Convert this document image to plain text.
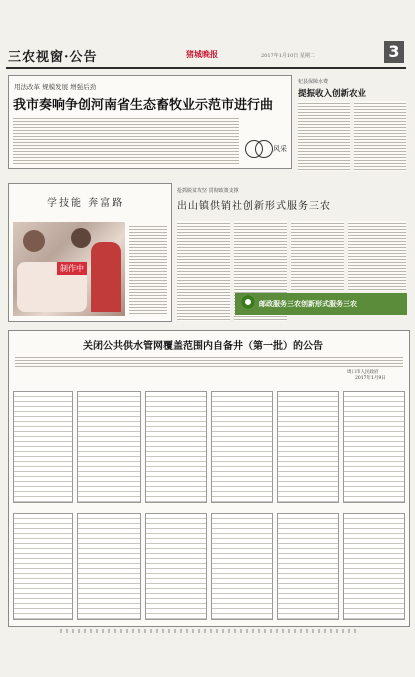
三农视窗·公告	猪城晚报	2017年1月10日 星期二	3
用法改革 规模发展 增强后劲
我市奏响争创河南省生态畜牧业示范市进行曲
风采
杞县保障水费
提振收入创新农业
学技能 奔富路
制作中
抢抓脱贫攻坚 贯彻政策支撑
出山镇供销社创新形式服务三农
邮政服务三农创新形式服务三农
关闭公共供水管网覆盖范围内自备井（第一批）的公告
周口市人民政府
2017年1月9日
